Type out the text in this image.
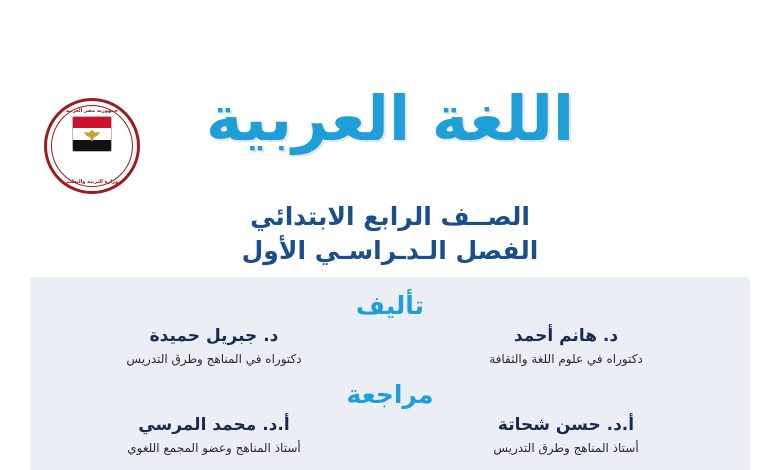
جمهورية مصر العربية
وزارة التربية والتعليم
اللغة العربية
الصــف الرابع الابتدائي
الفصل الـدـراسـي الأول
تأليف
د. هانم أحمد
دكتوراه في علوم اللغة والثقافة
د. جبريل حميدة
دكتوراه في المناهج وطرق التدريس
مراجعة
أ.د. حسن شحاتة
أستاذ المناهج وطرق التدريس
أ.د. محمد المرسي
أستاذ المناهج وعضو المجمع اللغوي
